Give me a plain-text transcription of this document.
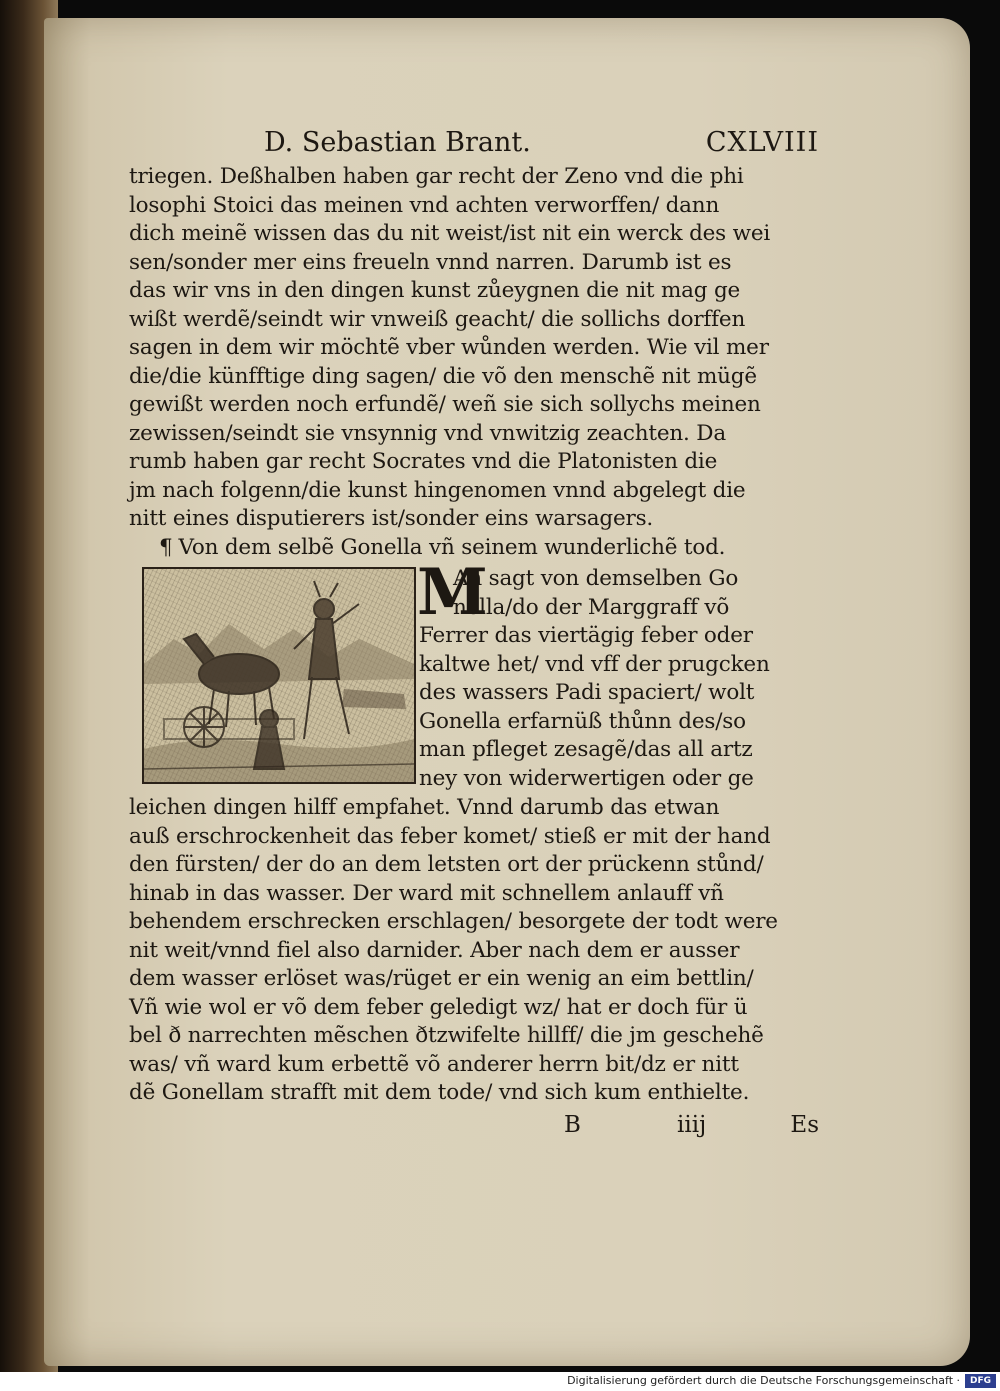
D. Sebastian Brant.	CXLVIII
triegen. Deßhalben haben gar recht der Zeno vnd die phi
losophi Stoici das meinen vnd achten verworffen/ dann
dich meinẽ wissen das du nit weist/ist nit ein werck des wei
sen/sonder mer eins freueln vnnd narren. Darumb ist es
das wir vns in den dingen kunst zůeygnen die nit mag ge
wißt werdẽ/seindt wir vnweiß geacht/ die sollichs dorffen
sagen in dem wir möchtẽ vber wůnden werden. Wie vil mer
die/die künfftige ding sagen/ die võ den menschẽ nit mügẽ
gewißt werden noch erfundẽ/ weñ sie sich sollychs meinen
zewissen/seindt sie vnsynnig vnd vnwitzig zeachten. Da
rumb haben gar recht Socrates vnd die Platonisten die
jm nach folgenn/die kunst hingenomen vnnd abgelegt die
nitt eines disputierers ist/sonder eins warsagers.
¶ Von dem selbẽ Gonella vñ seinem wunderlichẽ tod.
M
An sagt von demselben Go
nella/do der Marggraff võ
Ferrer das viertägig feber oder
kaltwe het/ vnd vff der prugcken
des wassers Padi spaciert/ wolt
Gonella erfarnüß thůnn des/so
man pfleget zesagẽ/das all artz
ney von widerwertigen oder ge
leichen dingen hilff empfahet. Vnnd darumb das etwan
auß erschrockenheit das feber komet/ stieß er mit der hand
den fürsten/ der do an dem letsten ort der prückenn stůnd/
hinab in das wasser. Der ward mit schnellem anlauff vñ
behendem erschrecken erschlagen/ besorgete der todt were
nit weit/vnnd fiel also darnider. Aber nach dem er ausser
dem wasser erlöset was/rüget er ein wenig an eim bettlin/
Vñ wie wol er võ dem feber geledigt wz/ hat er doch für ü
bel ð narrechten mẽschen ðtzwifelte hillff/ die jm geschehẽ
was/ vñ ward kum erbettẽ võ anderer herrn bit/dz er nitt
dẽ Gonellam strafft mit dem tode/ vnd sich kum enthielte.
B	iiij	Es
Digitalisierung gefördert durch die Deutsche Forschungsgemeinschaft ·	DFG
